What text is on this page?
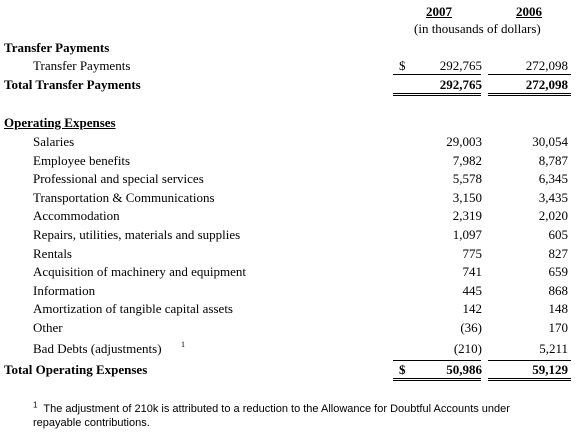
2007	2006
(in thousands of dollars)
Transfer Payments
Transfer Payments	$	292,765	272,098
Total Transfer Payments	292,765	272,098
Operating Expenses
Salaries	29,003	30,054
Employee benefits	7,982	8,787
Professional and special services	5,578	6,345
Transportation & Communications	3,150	3,435
Accommodation	2,319	2,020
Repairs, utilities, materials and supplies	1,097	605
Rentals	775	827
Acquisition of machinery and equipment	741	659
Information	445	868
Amortization of tangible capital assets	142	148
Other	(36)	170
Bad Debts (adjustments) 1	(210)	5,211
Total Operating Expenses	$	50,986	59,129
$^1$ The adjustment of 210k is attributed to a reduction to the Allowance for Doubtful Accounts under repayable contributions.
